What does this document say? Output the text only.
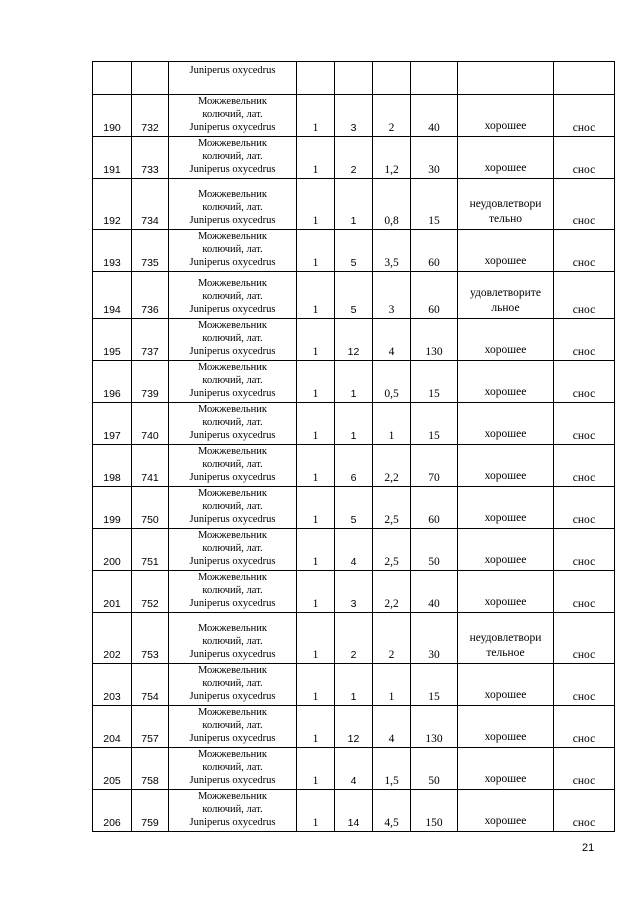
		Juniperus oxycedrus						

190	732	Можжевельник
колючий, лат.
Juniperus oxycedrus	1	3	2	40	хорошее	снос
191	733	Можжевельник
колючий, лат.
Juniperus oxycedrus	1	2	1,2	30	хорошее	снос
192	734	Можжевельник
колючий, лат.
Juniperus oxycedrus	1	1	0,8	15	неудовлетвори
тельно	снос
193	735	Можжевельник
колючий, лат.
Juniperus oxycedrus	1	5	3,5	60	хорошее	снос
194	736	Можжевельник
колючий, лат.
Juniperus oxycedrus	1	5	3	60	удовлетворите
льное	снос
195	737	Можжевельник
колючий, лат.
Juniperus oxycedrus	1	12	4	130	хорошее	снос
196	739	Можжевельник
колючий, лат.
Juniperus oxycedrus	1	1	0,5	15	хорошее	снос
197	740	Можжевельник
колючий, лат.
Juniperus oxycedrus	1	1	1	15	хорошее	снос
198	741	Можжевельник
колючий, лат.
Juniperus oxycedrus	1	6	2,2	70	хорошее	снос
199	750	Можжевельник
колючий, лат.
Juniperus oxycedrus	1	5	2,5	60	хорошее	снос
200	751	Можжевельник
колючий, лат.
Juniperus oxycedrus	1	4	2,5	50	хорошее	снос
201	752	Можжевельник
колючий, лат.
Juniperus oxycedrus	1	3	2,2	40	хорошее	снос
202	753	Можжевельник
колючий, лат.
Juniperus oxycedrus	1	2	2	30	неудовлетвори
тельное	снос
203	754	Можжевельник
колючий, лат.
Juniperus oxycedrus	1	1	1	15	хорошее	снос
204	757	Можжевельник
колючий, лат.
Juniperus oxycedrus	1	12	4	130	хорошее	снос
205	758	Можжевельник
колючий, лат.
Juniperus oxycedrus	1	4	1,5	50	хорошее	снос
206	759	Можжевельник
колючий, лат.
Juniperus oxycedrus	1	14	4,5	150	хорошее	снос
21
